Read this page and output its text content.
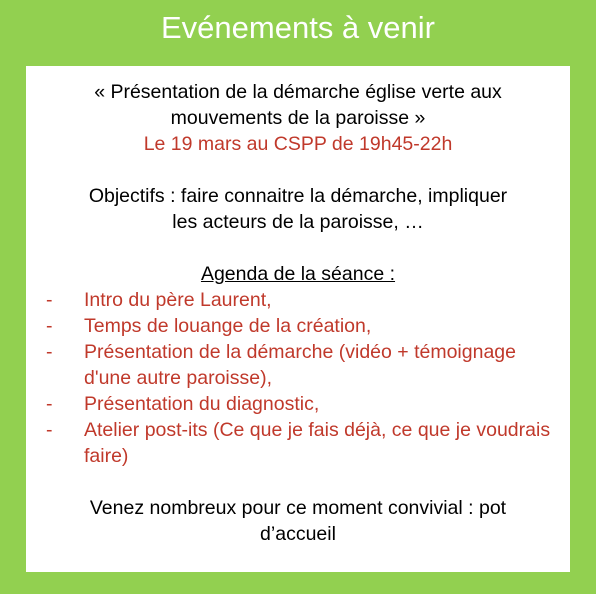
Evénements à venir
« Présentation de la démarche église verte aux
mouvements de la paroisse »
Le 19 mars au CSPP de 19h45-22h
Objectifs : faire connaitre la démarche, impliquer
les acteurs de la paroisse, …
Agenda de la séance :
- Intro du père Laurent,
- Temps de louange de la création,
- Présentation de la démarche (vidéo + témoignage d'une autre paroisse),
- Présentation du diagnostic,
- Atelier post-its (Ce que je fais déjà, ce que je voudrais faire)
Venez nombreux pour ce moment convivial : pot
d’accueil
